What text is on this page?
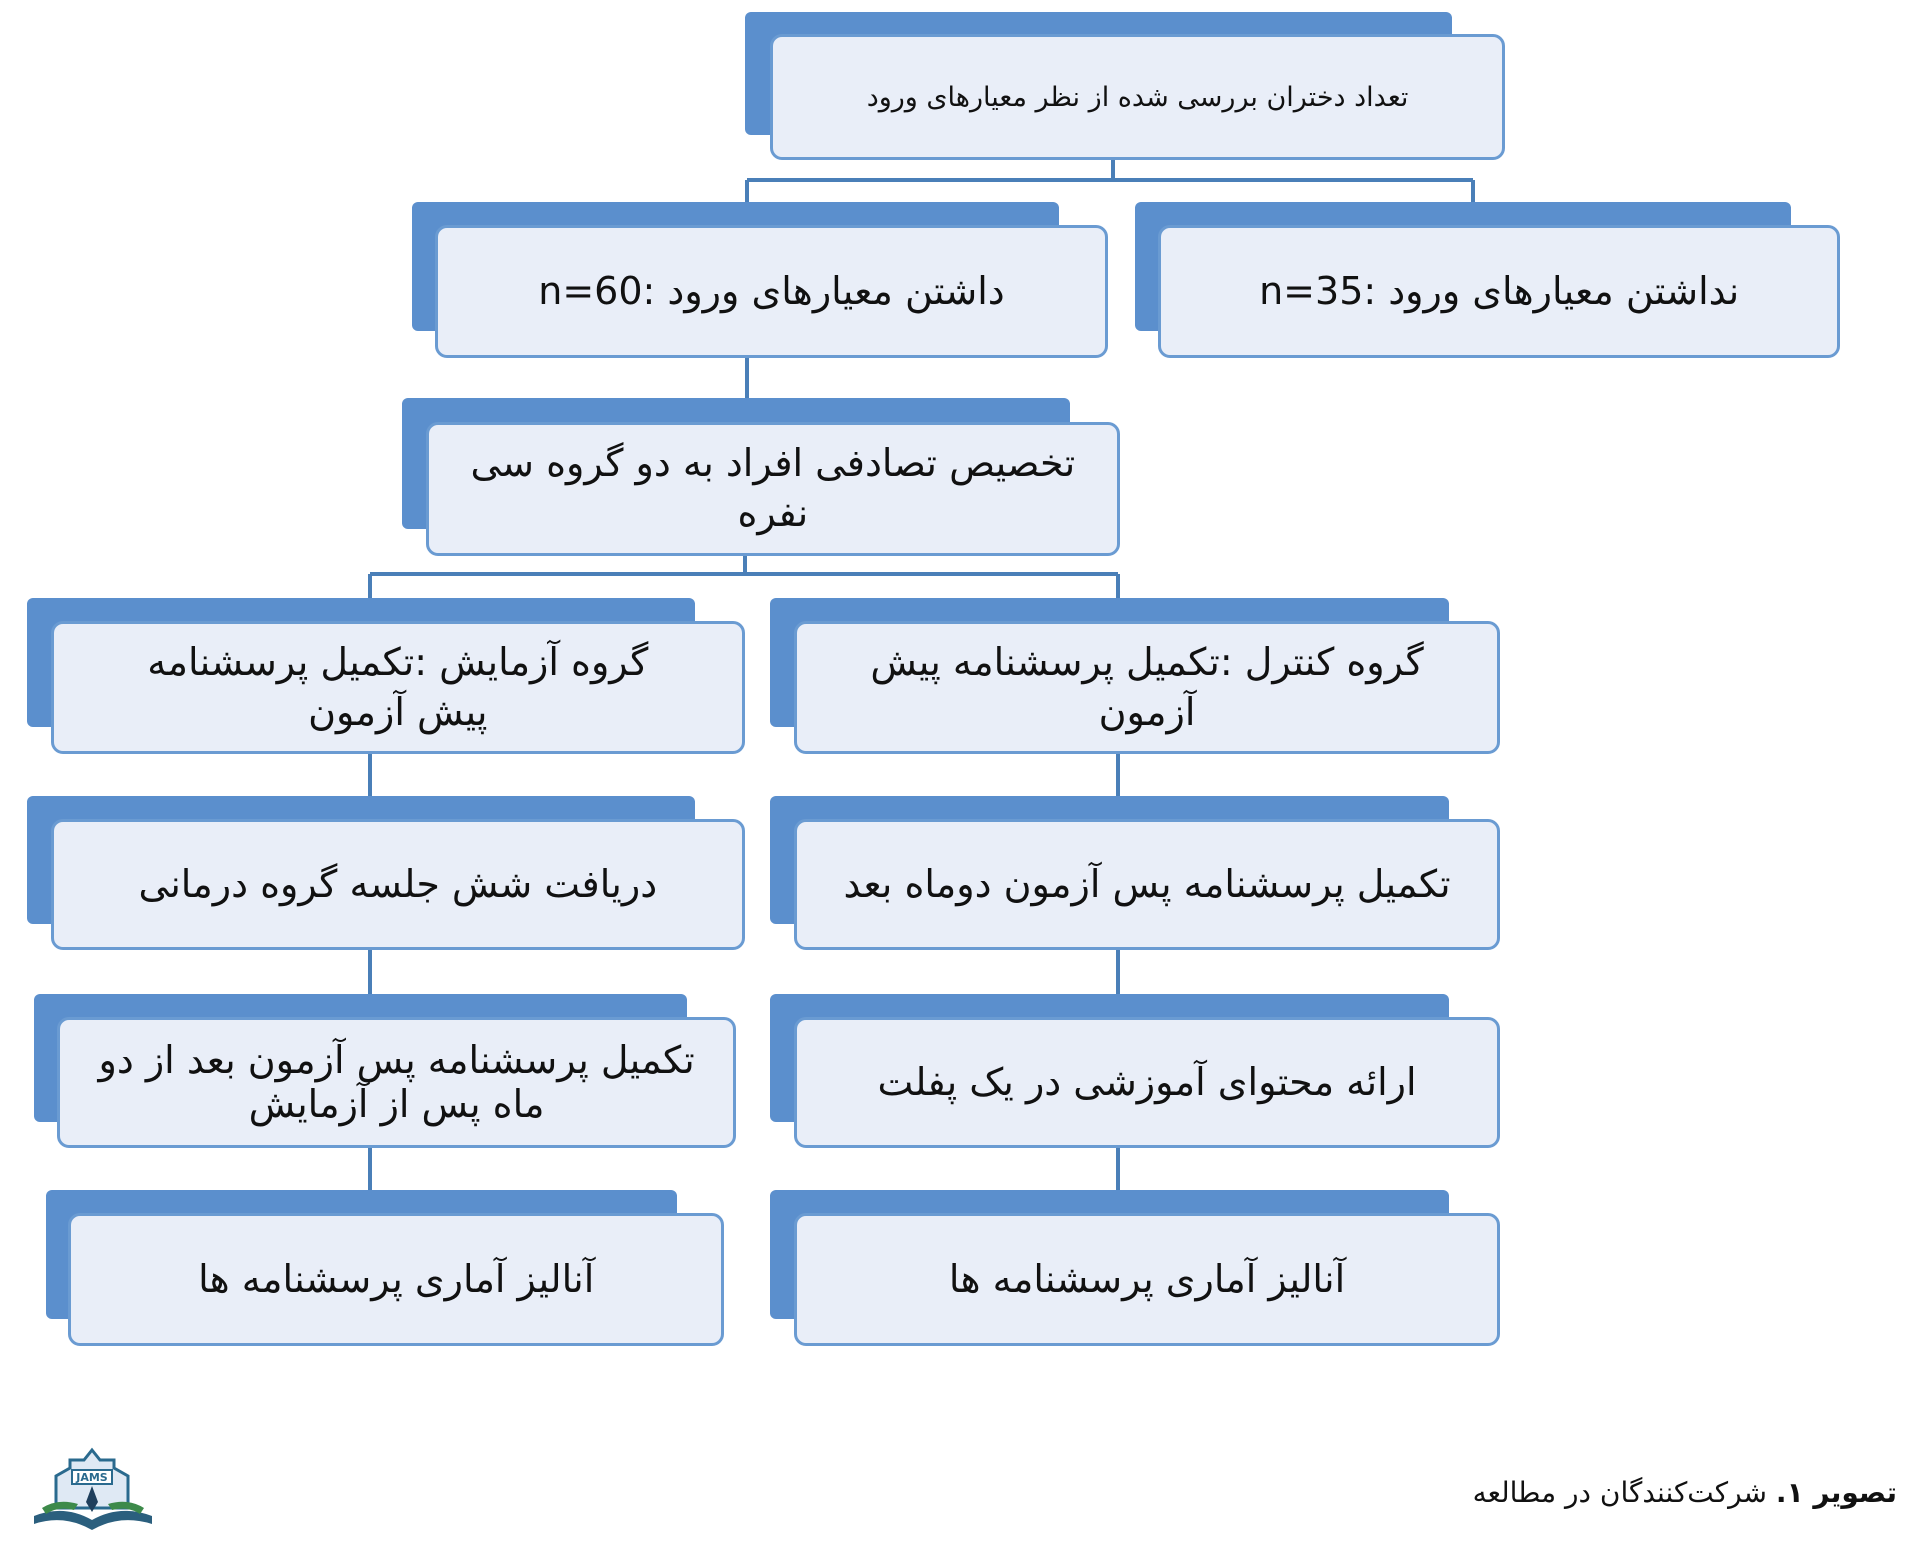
تعداد دختران بررسی شده از نظر معیارهای ورود
داشتن معیارهای ورود :n=60	نداشتن معیارهای ورود :n=35
تخصیص تصادفی افراد به دو گروه سی نفره
گروه آزمایش :تکمیل پرسشنامه پیش آزمون
دریافت شش جلسه گروه درمانی
تکمیل پرسشنامه پس آزمون بعد از دو ماه پس از آزمایش
آنالیز آماری پرسشنامه ها
گروه کنترل :تکمیل پرسشنامه پیش آزمون
تکمیل پرسشنامه پس آزمون دوماه بعد
ارائه محتوای آموزشی در یک پفلت
آنالیز آماری پرسشنامه ها
JAMS	تصویر ۱. شرکت‌کنندگان در مطالعه
